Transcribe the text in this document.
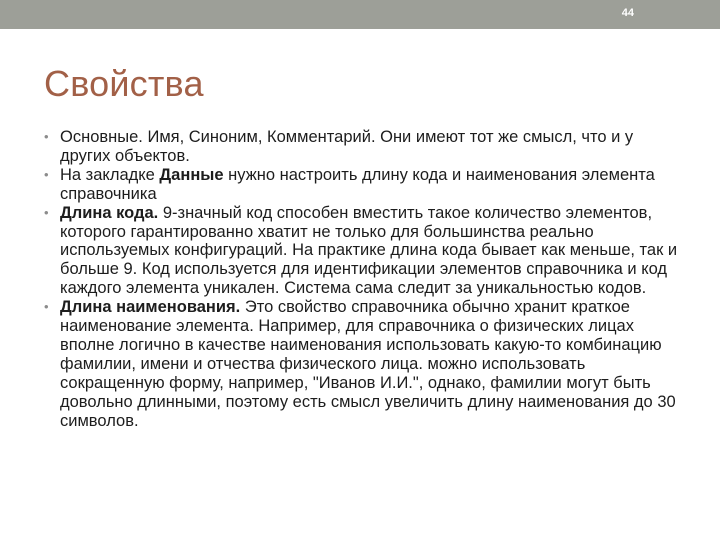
44
Свойства
• Основные. Имя, Синоним, Комментарий. Они имеют тот же смысл, что и у других объектов.
• На закладке Данные нужно настроить длину кода и наименования элемента справочника
• Длина кода. 9-значный код способен вместить такое количество элементов, которого гарантированно хватит не только для большинства реально используемых конфигураций. На практике длина кода бывает как меньше, так и больше 9. Код используется для идентификации элементов справочника и код каждого элемента уникален. Система сама следит за уникальностью кодов.
• Длина наименования. Это свойство справочника обычно хранит краткое наименование элемента. Например, для справочника о физических лицах вполне логично в качестве наименования использовать какую-то комбинацию фамилии, имени и отчества физического лица. можно использовать сокращенную форму, например, "Иванов И.И.", однако, фамилии могут быть довольно длинными, поэтому есть смысл увеличить длину наименования до 30 символов.
